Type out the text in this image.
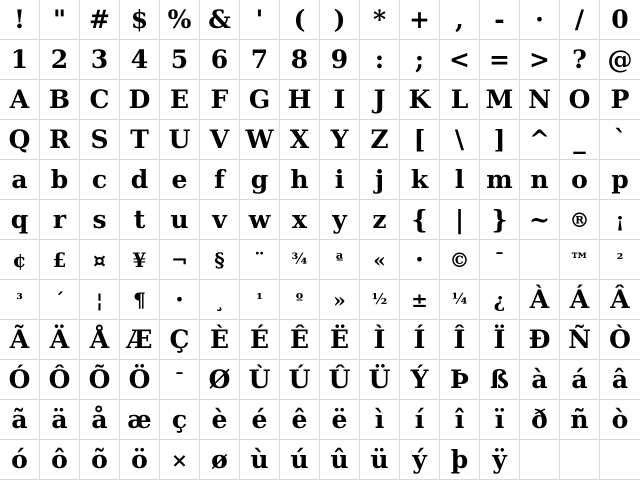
! " # $ % & ' ( ) * + , - · / 0
1 2 3 4 5 6 7 8 9 : ; < = > ? @
A B C D E F G H I J K L M N O P
Q R S T U V W X Y Z [ \ ] ^ _ `
a b c d e f g h i j k l m n o p
q r s t u v w x y z { | } ~ ® ¡
¢ £ ¤ ¥ ¬ § ¨ ¾ ª « · © ¯	™ ²
³ ´ ¦ ¶ · ¸ ¹ º » ½ ± ¼ ¿ À Á Â
Ã Ä Å Æ Ç È É Ê Ë Ì Í Î Ï Ð Ñ Ò
Ó Ô Õ Ö ¯ Ø Ù Ú Û Ü Ý Þ ß à á â
ã ä å æ ç è é ê ë ì í î ï ð ñ ò
ó ô õ ö × ø ù ú û ü ý þ ÿ
